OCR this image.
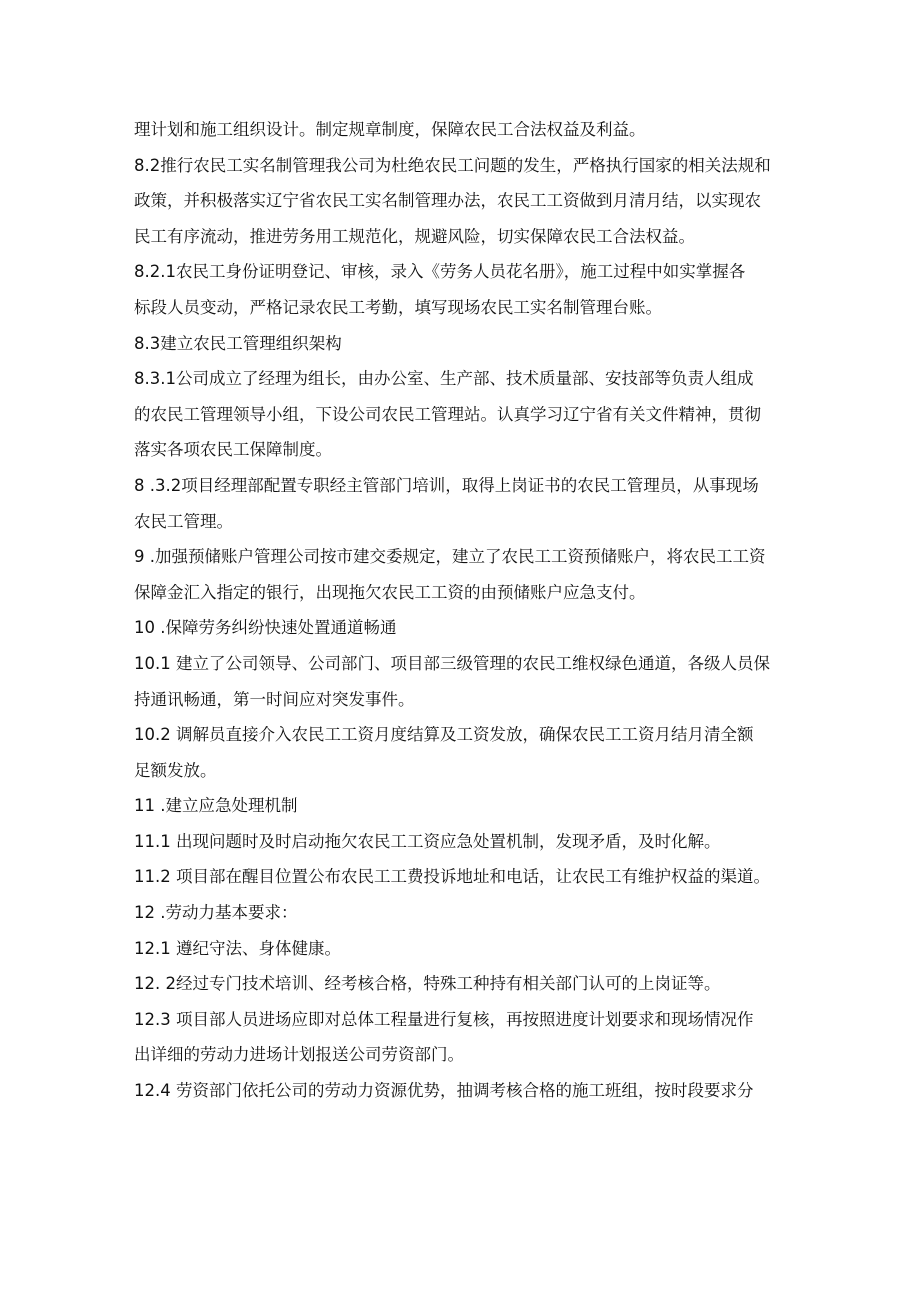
理计划和施工组织设计。制定规章制度，保障农民工合法权益及利益。
8.2推行农民工实名制管理我公司为杜绝农民工问题的发生，严格执行国家的相关法规和
政策，并积极落实辽宁省农民工实名制管理办法，农民工工资做到月清月结，以实现农
民工有序流动，推进劳务用工规范化，规避风险，切实保障农民工合法权益。
8.2.1农民工身份证明登记、审核，录入《劳务人员花名册》，施工过程中如实掌握各
标段人员变动，严格记录农民工考勤，填写现场农民工实名制管理台账。
8.3建立农民工管理组织架构
8.3.1公司成立了经理为组长，由办公室、生产部、技术质量部、安技部等负责人组成
的农民工管理领导小组，下设公司农民工管理站。认真学习辽宁省有关文件精神，贯彻
落实各项农民工保障制度。
8 .3.2项目经理部配置专职经主管部门培训，取得上岗证书的农民工管理员，从事现场
农民工管理。
9 .加强预储账户管理公司按市建交委规定，建立了农民工工资预储账户，将农民工工资
保障金汇入指定的银行，出现拖欠农民工工资的由预储账户应急支付。
10 .保障劳务纠纷快速处置通道畅通
10.1 建立了公司领导、公司部门、项目部三级管理的农民工维权绿色通道，各级人员保
持通讯畅通，第一时间应对突发事件。
10.2 调解员直接介入农民工工资月度结算及工资发放，确保农民工工资月结月清全额
足额发放。
11 .建立应急处理机制
11.1 出现问题时及时启动拖欠农民工工资应急处置机制，发现矛盾，及时化解。
11.2 项目部在醒目位置公布农民工工费投诉地址和电话，让农民工有维护权益的渠道。
12 .劳动力基本要求：
12.1 遵纪守法、身体健康。
12. 2经过专门技术培训、经考核合格，特殊工种持有相关部门认可的上岗证等。
12.3 项目部人员进场应即对总体工程量进行复核，再按照进度计划要求和现场情况作
出详细的劳动力进场计划报送公司劳资部门。
12.4 劳资部门依托公司的劳动力资源优势，抽调考核合格的施工班组，按时段要求分
